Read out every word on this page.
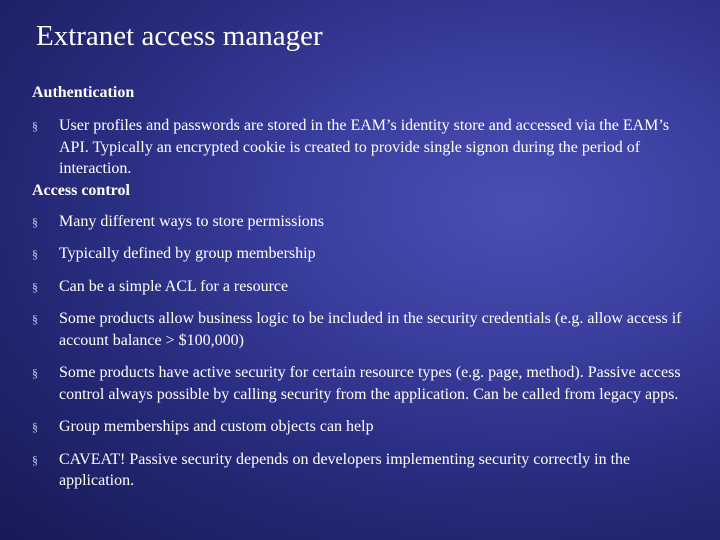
Extranet access manager

Authentication

§ User profiles and passwords are stored in the EAM’s identity store and accessed via the EAM’s API. Typically an encrypted cookie is created to provide single signon during the period of interaction.

Access control

§ Many different ways to store permissions
§ Typically defined by group membership
§ Can be a simple ACL for a resource
§ Some products allow business logic to be included in the security credentials (e.g. allow access if account balance > $100,000)
§ Some products have active security for certain resource types (e.g. page, method). Passive access control always possible by calling security from the application. Can be called from legacy apps.
§ Group memberships and custom objects can help
§ CAVEAT! Passive security depends on developers implementing security correctly in the application.
